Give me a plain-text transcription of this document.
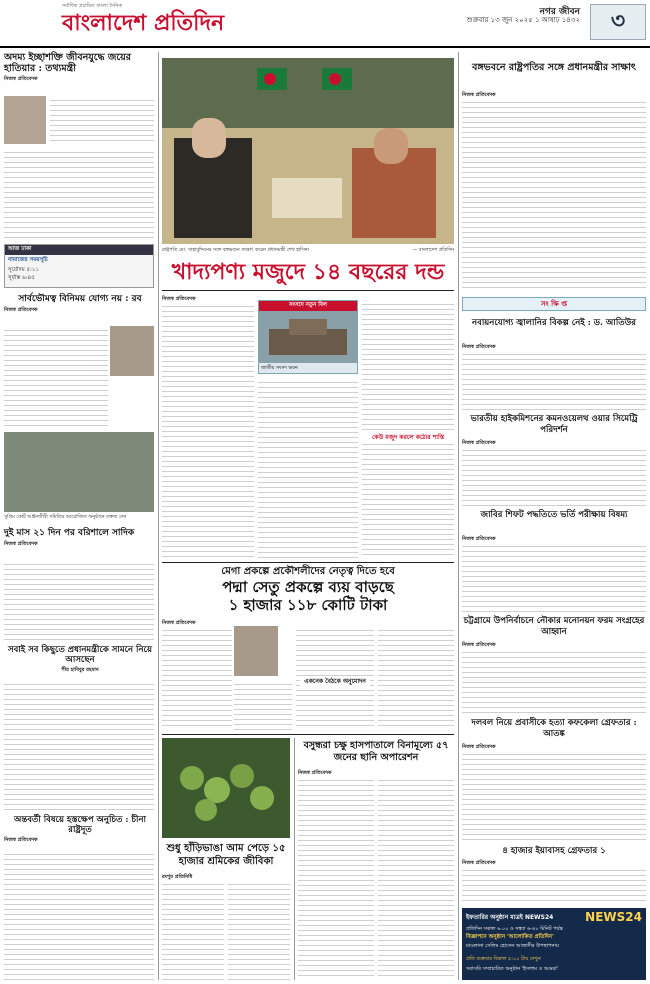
সর্বাধিক প্রচারিত বাংলা দৈনিক
বাংলাদেশ প্রতিদিন	নগর জীবন
শুক্রবার ১৩ জুন ২০২৫ ১ আষাঢ় ১৪৩২	৩
অদম্য ইচ্ছাশক্তি জীবনযুদ্ধে জয়ের হাতিয়ার : তথ্যমন্ত্রী
নিজস্ব প্রতিবেদক
আজ ঢাকা
নামাজের সময়সূচি
সূর্যোদয় ৫:১১
সূর্যাস্ত ৬:৪৫
সার্বভৌমত্ব বিনিময় যোগ্য নয় : রব
নিজস্ব প্রতিবেদক
সুপ্রিম কোর্ট আইনজীবী সমিতির আয়োজিত অনুষ্ঠানে বক্তব্য দেন
দুই মাস ২১ দিন পর বরিশালে সাদিক
নিজস্ব প্রতিবেদক
সবাই সব কিছুতে প্রধানমন্ত্রীকে সামনে নিয়ে আসছেন
পীর হাবিবুর রহমান
অন্তবর্তী বিষয়ে হস্তক্ষেপ অনুচিত : চীনা রাষ্ট্রদূত
নিজস্ব প্রতিবেদক
রাষ্ট্রপতি মো. সাহাবুদ্দিনের সঙ্গে বঙ্গভবনে সাক্ষাৎ করেন প্রধানমন্ত্রী শেখ হাসিনা	— বাংলাদেশ প্রতিদিন
খাদ্যপণ্য মজুদে ১৪ বছরের দন্ড
নিজস্ব প্রতিবেদক
সংসদে নতুন বিল
জাতীয় সংসদ ভবন
কেউ মজুদ করলে কঠোর শাস্তি
মেগা প্রকল্পে প্রকৌশলীদের নেতৃত্ব দিতে হবে
পদ্মা সেতু প্রকল্পে ব্যয় বাড়ছে
১ হাজার ১১৮ কোটি টাকা
নিজস্ব প্রতিবেদক
একনেক বৈঠকে অনুমোদন
শুধু হাঁড়িভাঙা আম পেড়ে ১৫ হাজার শ্রমিকের জীবিকা
রংপুর প্রতিনিধি
বসুন্ধরা চক্ষু হাসপাতালে বিনামূল্যে ৫৭ জনের ছানি অপারেশন
নিজস্ব প্রতিবেদক
বঙ্গভবনে রাষ্ট্রপতির সঙ্গে প্রধানমন্ত্রীর সাক্ষাৎ
নিজস্ব প্রতিবেদক
সং ক্ষি প্ত
নবায়নযোগ্য জ্বালানির বিকল্প নেই : ড. আতিউর
নিজস্ব প্রতিবেদক
ভারতীয় হাইকমিশনের কমনওয়েলথ ওয়ার সিমেট্রি পরিদর্শন
নিজস্ব প্রতিবেদক
জাবির শিফট পদ্ধতিতে ভর্তি পরীক্ষায় বিষম্য
নিজস্ব প্রতিবেদক
চট্টগ্রামে উপনির্বাচনে নৌকার মনোনয়ন ফরম সংগ্রহের আহ্বান
নিজস্ব প্রতিবেদক
দলবল নিয়ে প্রবাসীকে হত্যা কফকেলা গ্রেফতার : আতঙ্ক
নিজস্ব প্রতিবেদক
৪ হাজার ইয়াবাসহ গ্রেফতার ১
নিজস্ব প্রতিবেদক
NEWS24
ইফতারির অনুষ্ঠান মাত্রই NEWS24
প্রতিদিন সকাল ৬.০০ ও সন্ধ্যা ৬-৪০ মিনিট পর্যন্ত
বিজ্ঞাপনে অনুষ্ঠান 'আলোকিত প্রতিদিন'
মাওলানা সেলিম হোসেন আজাদীর উপস্থাপনায়
প্রতি শুক্রবার বিকাল ৫:০০ টায় দেখুন
সরাসরি সম্প্রচারিত অনুষ্ঠান 'ইসলাম ও আমরা'
